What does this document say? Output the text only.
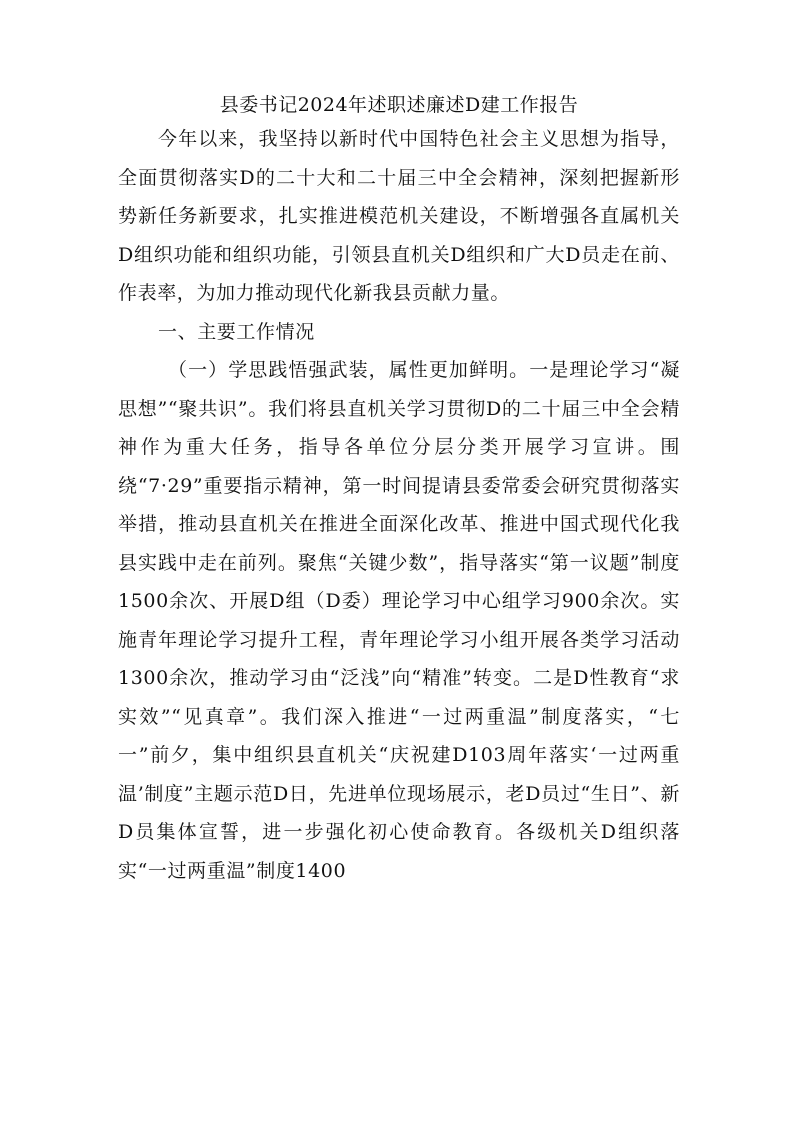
县委书记2024年述职述廉述D建工作报告

今年以来，我坚持以新时代中国特色社会主义思想为指导，全面贯彻落实D的二十大和二十届三中全会精神，深刻把握新形势新任务新要求，扎实推进模范机关建设，不断增强各直属机关D组织功能和组织功能，引领县直机关D组织和广大D员走在前、作表率，为加力推动现代化新我县贡献力量。

一、主要工作情况

（一）学思践悟强武装，属性更加鲜明。一是理论学习“凝思想”“聚共识”。我们将县直机关学习贯彻D的二十届三中全会精神作为重大任务，指导各单位分层分类开展学习宣讲。围绕“7·29”重要指示精神，第一时间提请县委常委会研究贯彻落实举措，推动县直机关在推进全面深化改革、推进中国式现代化我县实践中走在前列。聚焦“关键少数”，指导落实“第一议题”制度1500余次、开展D组（D委）理论学习中心组学习900余次。实施青年理论学习提升工程，青年理论学习小组开展各类学习活动1300余次，推动学习由“泛浅”向“精准”转变。二是D性教育“求实效”“见真章”。我们深入推进“一过两重温”制度落实，“七一”前夕，集中组织县直机关“庆祝建D103周年落实‘一过两重温’制度”主题示范D日，先进单位现场展示，老D员过“生日”、新D员集体宣誓，进一步强化初心使命教育。各级机关D组织落实“一过两重温”制度1400
